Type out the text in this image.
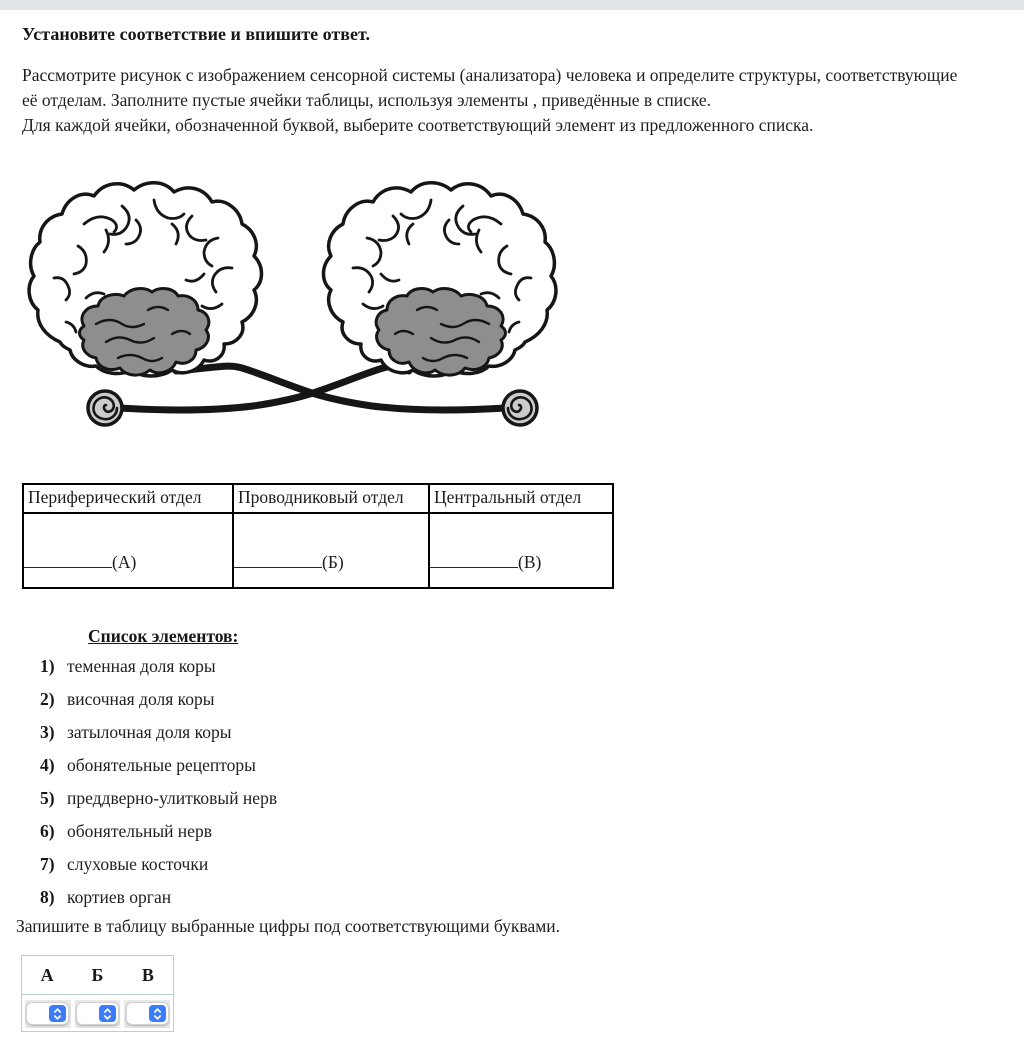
Установите соответствие и впишите ответ.
Рассмотрите рисунок с изображением сенсорной системы (анализатора) человека и определите структуры, соответствующие
её отделам. Заполните пустые ячейки таблицы, используя элементы , приведённые в списке.
Для каждой ячейки, обозначенной буквой, выберите соответствующий элемент из предложенного списка.
Периферический отдел	Проводниковый отдел	Центральный отдел

(А)	(Б)	(В)
Список элементов:
1) теменная доля коры
2) височная доля коры
3) затылочная доля коры
4) обонятельные рецепторы
5) преддверно-улитковый нерв
6) обонятельный нерв
7) слуховые косточки
8) кортиев орган
Запишите в таблицу выбранные цифры под соответствующими буквами.
А	Б	В
